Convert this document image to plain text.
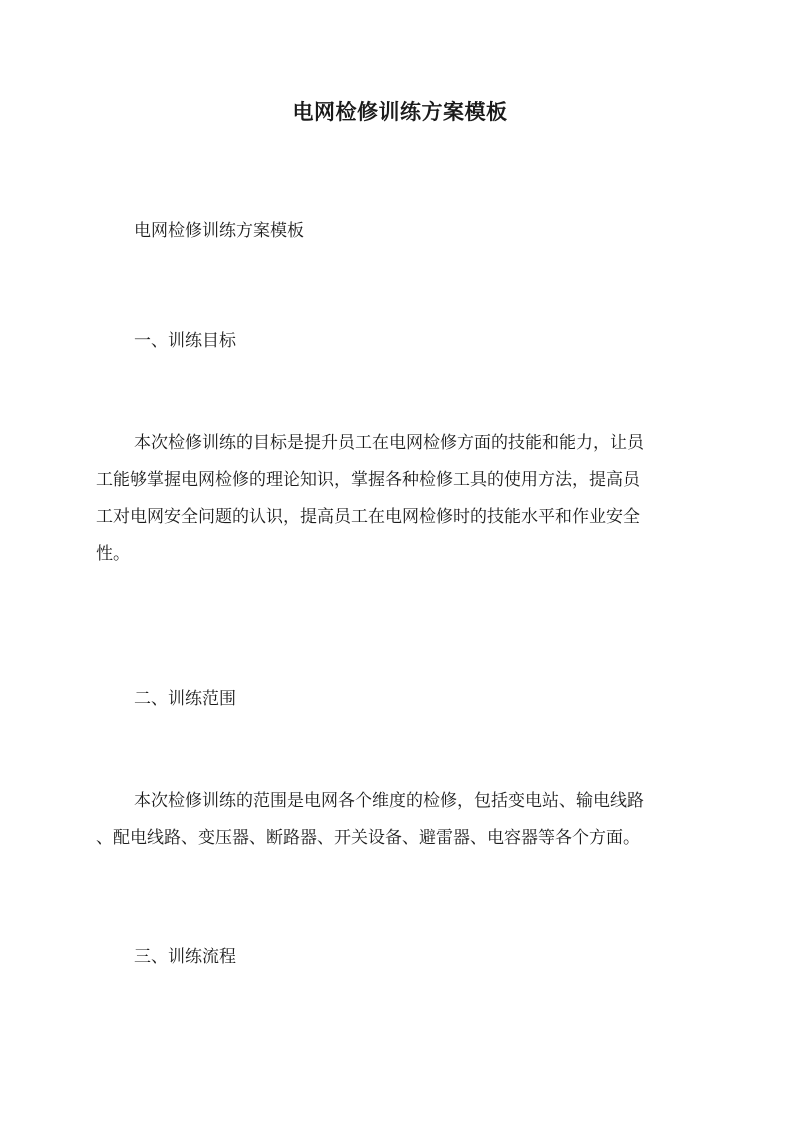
电网检修训练方案模板
电网检修训练方案模板
一、训练目标
本次检修训练的目标是提升员工在电网检修方面的技能和能力，让员
工能够掌握电网检修的理论知识，掌握各种检修工具的使用方法，提高员
工对电网安全问题的认识，提高员工在电网检修时的技能水平和作业安全
性。
二、训练范围
本次检修训练的范围是电网各个维度的检修，包括变电站、输电线路
、配电线路、变压器、断路器、开关设备、避雷器、电容器等各个方面。
三、训练流程
